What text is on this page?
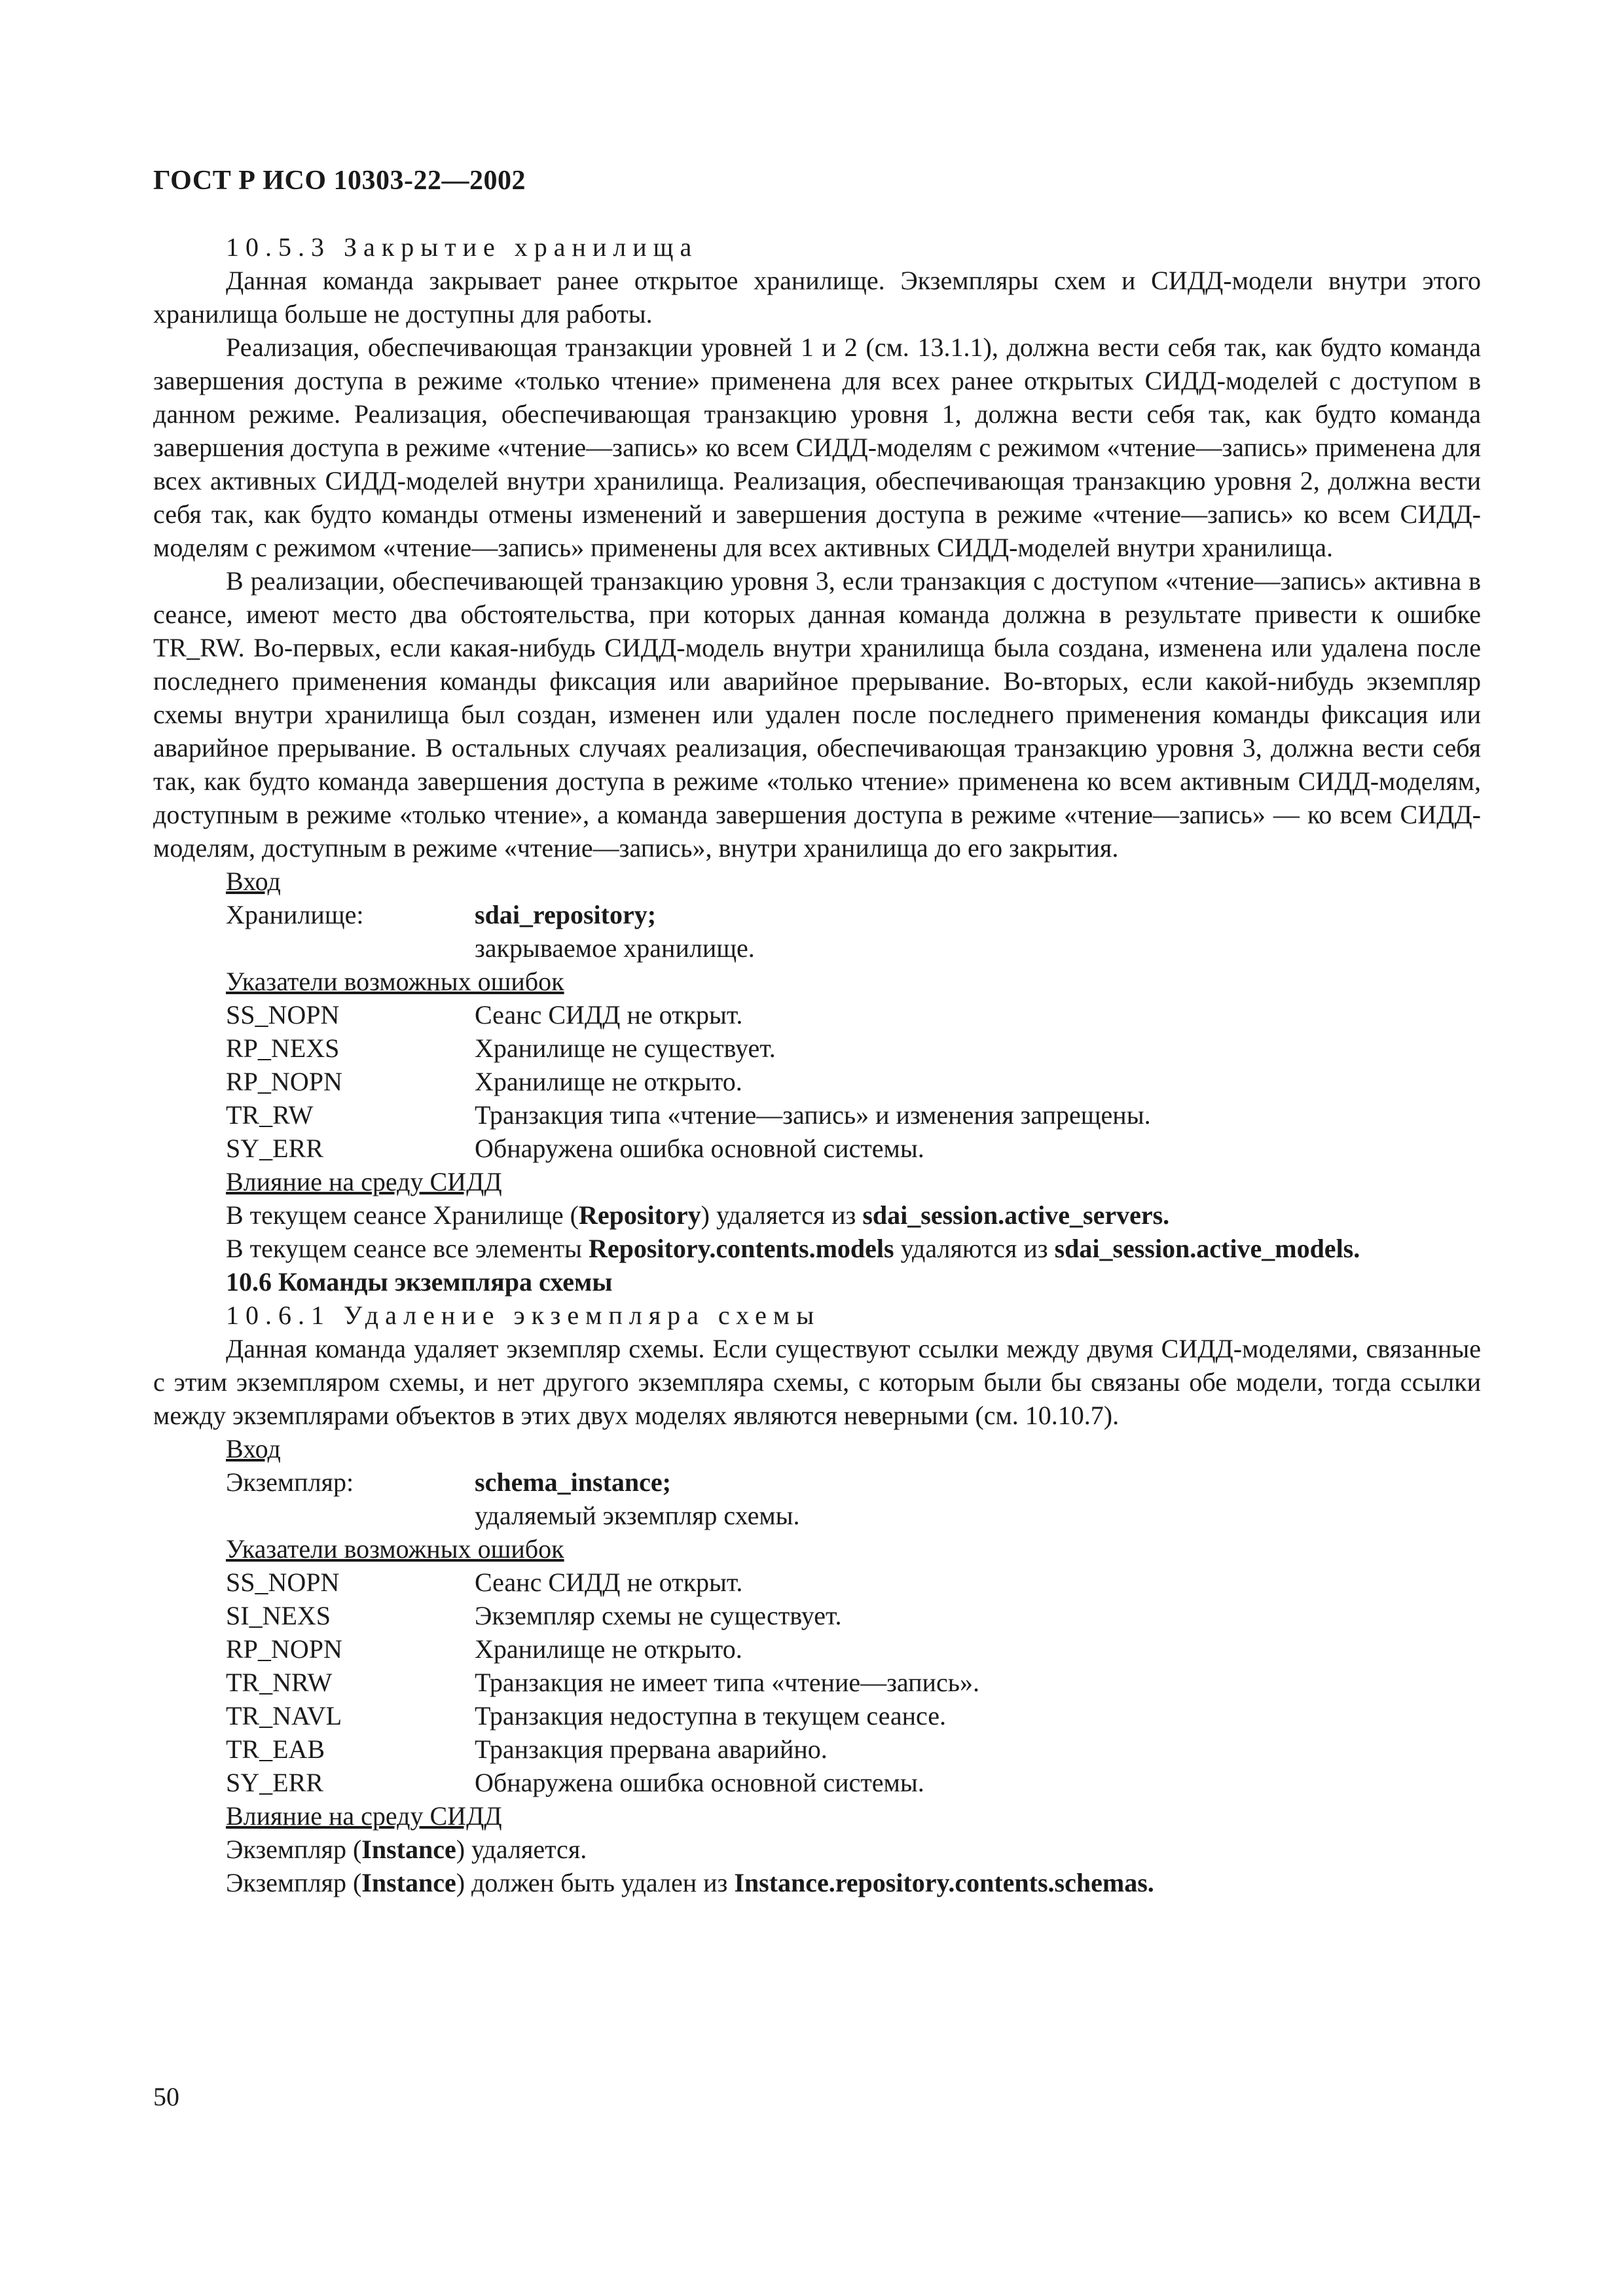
ГОСТ Р ИСО 10303-22—2002

10.5.3 Закрытие хранилища

Данная команда закрывает ранее открытое хранилище. Экземпляры схем и СИДД-модели внутри этого хранилища больше не доступны для работы.

Реализация, обеспечивающая транзакции уровней 1 и 2 (см. 13.1.1), должна вести себя так, как будто команда завершения доступа в режиме «только чтение» применена для всех ранее открытых СИДД-моделей с доступом в данном режиме. Реализация, обеспечивающая транзакцию уровня 1, должна вести себя так, как будто команда завершения доступа в режиме «чтение—запись» ко всем СИДД-моделям с режимом «чтение—запись» применена для всех активных СИДД-моделей внутри хранилища. Реализация, обеспечивающая транзакцию уровня 2, должна вести себя так, как будто команды отмены изменений и завершения доступа в режиме «чтение—запись» ко всем СИДД-моделям с режимом «чтение—запись» применены для всех активных СИДД-моделей внутри хранилища.

В реализации, обеспечивающей транзакцию уровня 3, если транзакция с доступом «чтение—запись» активна в сеансе, имеют место два обстоятельства, при которых данная команда должна в результате привести к ошибке TR_RW. Во-первых, если какая-нибудь СИДД-модель внутри хранилища была создана, изменена или удалена после последнего применения команды фиксация или аварийное прерывание. Во-вторых, если какой-нибудь экземпляр схемы внутри хранилища был создан, изменен или удален после последнего применения команды фиксация или аварийное прерывание. В остальных случаях реализация, обеспечивающая транзакцию уровня 3, должна вести себя так, как будто команда завершения доступа в режиме «только чтение» применена ко всем активным СИДД-моделям, доступным в режиме «только чтение», а команда завершения доступа в режиме «чтение—запись» — ко всем СИДД-моделям, доступным в режиме «чтение—запись», внутри хранилища до его закрытия.

Вход

Хранилище:	sdai_repository;

закрываемое хранилище.

Указатели возможных ошибок

SS_NOPN	Сеанс СИДД не открыт.
RP_NEXS	Хранилище не существует.
RP_NOPN	Хранилище не открыто.
TR_RW	Транзакция типа «чтение—запись» и изменения запрещены.
SY_ERR	Обнаружена ошибка основной системы.

Влияние на среду СИДД

В текущем сеансе Хранилище (Repository) удаляется из sdai_session.active_servers.

В текущем сеансе все элементы Repository.contents.models удаляются из sdai_session.active_models.

10.6 Команды экземпляра схемы

10.6.1 Удаление экземпляра схемы

Данная команда удаляет экземпляр схемы. Если существуют ссылки между двумя СИДД-моделями, связанные с этим экземпляром схемы, и нет другого экземпляра схемы, с которым были бы связаны обе модели, тогда ссылки между экземплярами объектов в этих двух моделях являются неверными (см. 10.10.7).

Вход

Экземпляр:	schema_instance;

удаляемый экземпляр схемы.

Указатели возможных ошибок

SS_NOPN	Сеанс СИДД не открыт.
SI_NEXS	Экземпляр схемы не существует.
RP_NOPN	Хранилище не открыто.
TR_NRW	Транзакция не имеет типа «чтение—запись».
TR_NAVL	Транзакция недоступна в текущем сеансе.
TR_EAB	Транзакция прервана аварийно.
SY_ERR	Обнаружена ошибка основной системы.

Влияние на среду СИДД

Экземпляр (Instance) удаляется.

Экземпляр (Instance) должен быть удален из Instance.repository.contents.schemas.

50
